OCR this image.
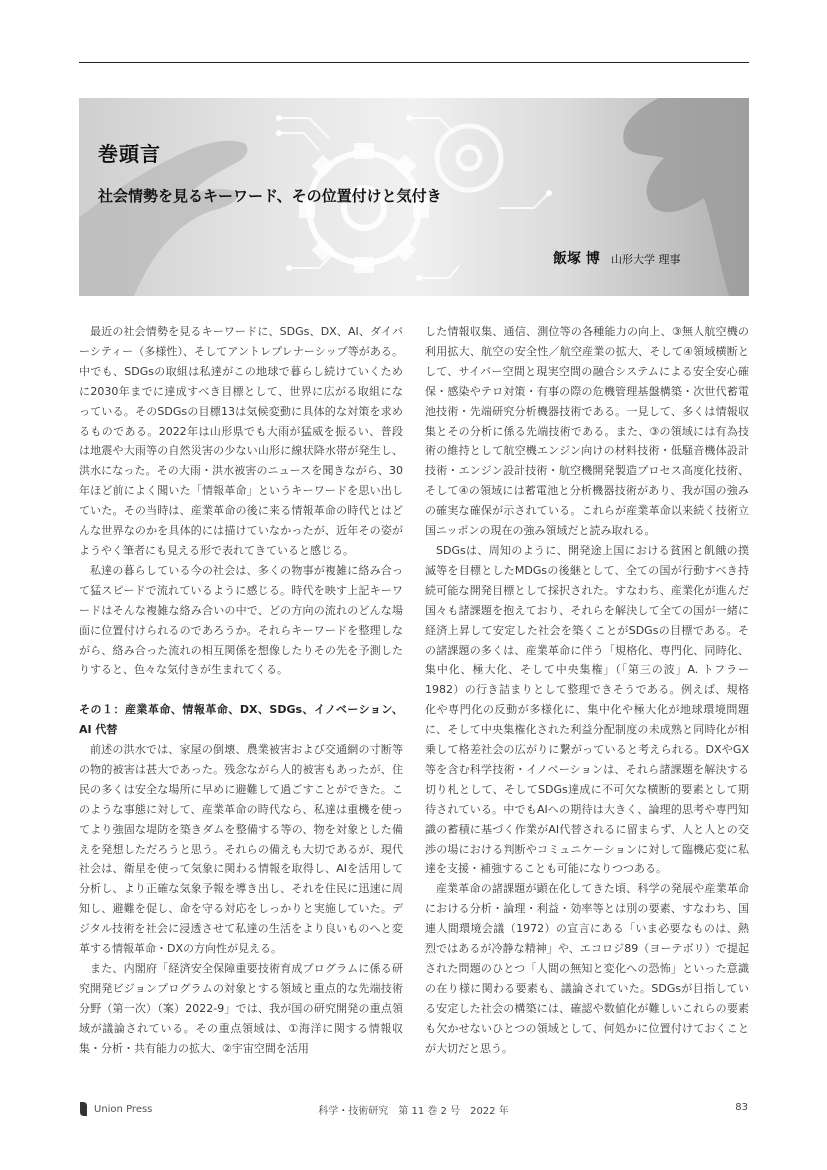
巻頭言
社会情勢を見るキーワード、その位置付けと気付き
飯塚 博 山形大学 理事

最近の社会情勢を見るキーワードに、SDGs、DX、AI、ダイバーシティー（多様性）、そしてアントレプレナーシップ等がある。中でも、SDGsの取組は私達がこの地球で暮らし続けていくために2030年までに達成すべき目標として、世界に広がる取組になっている。そのSDGsの目標13は気候変動に具体的な対策を求めるものである。2022年は山形県でも大雨が猛威を振るい、普段は地震や大雨等の自然災害の少ない山形に線状降水帯が発生し、洪水になった。その大雨・洪水被害のニュースを聞きながら、30年ほど前によく聞いた「情報革命」というキーワードを思い出していた。その当時は、産業革命の後に来る情報革命の時代とはどんな世界なのかを具体的には描けていなかったが、近年その姿がようやく筆者にも見える形で表れてきていると感じる。

私達の暮らしている今の社会は、多くの物事が複雑に絡み合って猛スピードで流れているように感じる。時代を映す上記キーワードはそんな複雑な絡み合いの中で、どの方向の流れのどんな場面に位置付けられるのであろうか。それらキーワードを整理しながら、絡み合った流れの相互関係を想像したりその先を予測したりすると、色々な気付きが生まれてくる。

その１：産業革命、情報革命、DX、SDGs、イノベーション、AI 代替

前述の洪水では、家屋の倒壊、農業被害および交通網の寸断等の物的被害は甚大であった。残念ながら人的被害もあったが、住民の多くは安全な場所に早めに避難して過ごすことができた。このような事態に対して、産業革命の時代なら、私達は重機を使ってより強固な堤防を築きダムを整備する等の、物を対象とした備えを発想しただろうと思う。それらの備えも大切であるが、現代社会は、衛星を使って気象に関わる情報を取得し、AIを活用して分析し、より正確な気象予報を導き出し、それを住民に迅速に周知し、避難を促し、命を守る対応をしっかりと実施していた。デジタル技術を社会に浸透させて私達の生活をより良いものへと変革する情報革命・DXの方向性が見える。

また、内閣府「経済安全保障重要技術育成プログラムに係る研究開発ビジョンプログラムの対象とする領域と重点的な先端技術分野（第一次）（案）2022-9」では、我が国の研究開発の重点領域が議論されている。その重点領域は、①海洋に関する情報収集・分析・共有能力の拡大、②宇宙空間を活用

した情報収集、通信、測位等の各種能力の向上、③無人航空機の利用拡大、航空の安全性／航空産業の拡大、そして④領域横断として、サイバー空間と現実空間の融合システムによる安全安心確保・感染やテロ対策・有事の際の危機管理基盤構築・次世代蓄電池技術・先端研究分析機器技術である。一見して、多くは情報収集とその分析に係る先端技術である。また、③の領域には有為技術の維持として航空機エンジン向けの材料技術・低騒音機体設計技術・エンジン設計技術・航空機開発製造プロセス高度化技術、そして④の領域には蓄電池と分析機器技術があり、我が国の強みの確実な確保が示されている。これらが産業革命以来続く技術立国ニッポンの現在の強み領域だと読み取れる。

SDGsは、周知のように、開発途上国における貧困と飢餓の撲滅等を目標としたMDGsの後継として、全ての国が行動すべき持続可能な開発目標として採択された。すなわち、産業化が進んだ国々も諸課題を抱えており、それらを解決して全ての国が一緒に経済上昇して安定した社会を築くことがSDGsの目標である。その諸課題の多くは、産業革命に伴う「規格化、専門化、同時化、集中化、極大化、そして中央集権」（「第三の波」A. トフラー 1982）の行き詰まりとして整理できそうである。例えば、規格化や専門化の反動が多様化に、集中化や極大化が地球環境問題に、そして中央集権化された利益分配制度の未成熟と同時化が相乗して格差社会の広がりに繋がっていると考えられる。DXやGX等を含む科学技術・イノベーションは、それら諸課題を解決する切り札として、そしてSDGs達成に不可欠な横断的要素として期待されている。中でもAIへの期待は大きく、論理的思考や専門知識の蓄積に基づく作業がAI代替されるに留まらず、人と人との交渉の場における判断やコミュニケーションに対して臨機応変に私達を支援・補強することも可能になりつつある。

産業革命の諸課題が顕在化してきた頃、科学の発展や産業革命における分析・論理・利益・効率等とは別の要素、すなわち、国連人間環境会議（1972）の宣言にある「いま必要なものは、熱烈ではあるが冷静な精神」や、エコロジ89（ヨーテボリ）で提起された問題のひとつ「人間の無知と変化への恐怖」といった意識の在り様に関わる要素も、議論されていた。SDGsが目指している安定した社会の構築には、確認や数値化が難しいこれらの要素も欠かせないひとつの領域として、何処かに位置付けておくことが大切だと思う。

Union Press	科学・技術研究　第 11 巻 2 号　2022 年	83
